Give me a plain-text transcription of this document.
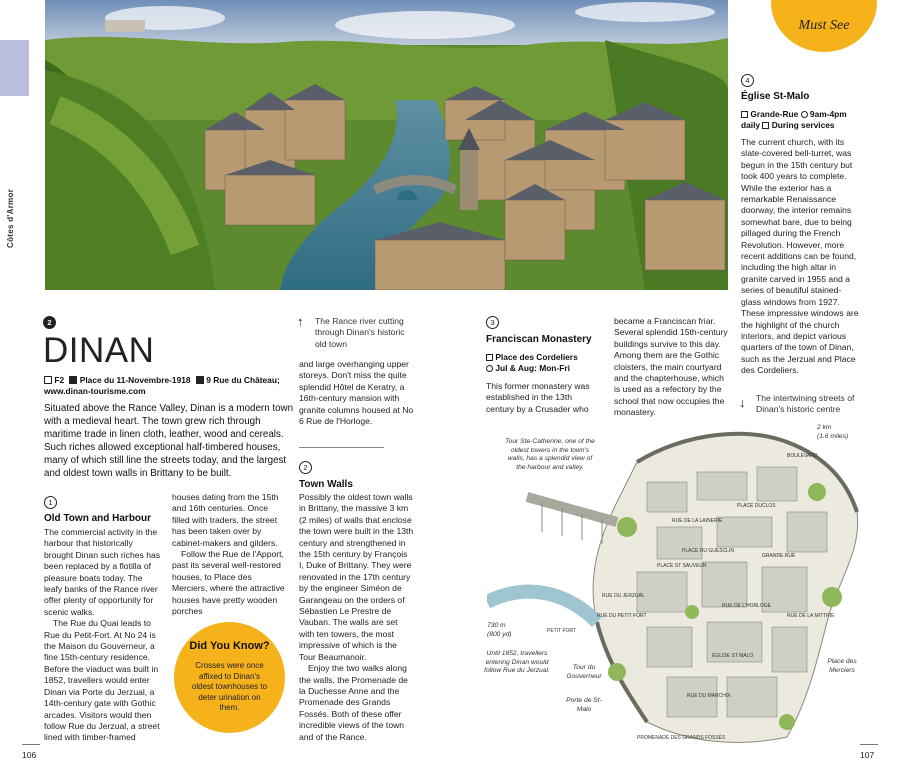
Côtes d'Armor
Must See
2
DINAN
F2 Place du 11-Novembre-1918 9 Rue du Château;
www.dinan-tourisme.com
Situated above the Rance Valley, Dinan is a modern town with a medieval heart. The town grew rich through maritime trade in linen cloth, leather, wood and cereals. Such riches allowed exceptional half-timbered houses, many of which still line the streets today, and the largest and oldest town walls in Brittany to be built.
1
Old Town and Harbour

The commercial activity in the harbour that historically brought Dinan such riches has been replaced by a flotilla of pleasure boats today. The leafy banks of the Rance river offer plenty of opportunity for scenic walks.

The Rue du Quai leads to Rue du Petit-Fort. At No 24 is the Maison du Gouverneur, a fine 15th-century residence. Before the viaduct was built in 1852, travellers would enter Dinan via Porte du Jerzual, a 14th-century gate with Gothic arcades. Visitors would then follow Rue du Jerzual, a street lined with timber-framed

houses dating from the 15th and 16th centuries. Once filled with traders, the street has been taken over by cabinet-makers and gilders.

Follow the Rue de l'Apport, past its several well-restored houses, to Place des Merciers, where the attractive houses have pretty wooden porches

Did You Know?
Crosses were once affixed to Dinan's oldest townhouses to deter urination on them.
↑ The Rance river cutting through Dinan's historic old town
and large overhanging upper storeys. Don't miss the quite splendid Hôtel de Keratry, a 16th-century mansion with granite columns housed at No 6 Rue de l'Horloge.
2
Town Walls

Possibly the oldest town walls in Brittany, the massive 3 km (2 miles) of walls that enclose the town were built in the 13th century and strengthened in the 15th century by François I, Duke of Brittany. They were renovated in the 17th century by the engineer Siméon de Garangeau on the orders of Sébastien Le Prestre de Vauban. The walls are set with ten towers, the most impressive of which is the Tour Beaumanoir.

Enjoy the two walks along the walls, the Promenade de la Duchesse Anne and the Promenade des Grands Fossés. Both of these offer incredible views of the town and of the Rance.

3
Franciscan Monastery
Place des Cordeliers
Jul & Aug: Mon-Fri
This former monastery was established in the 13th century by a Crusader who
became a Franciscan friar. Several splendid 15th-century buildings survive to this day. Among them are the Gothic cloisters, the main courtyard and the chapterhouse, which is used as a refectory by the school that now occupies the monastery.
4
Église St-Malo
Grande-Rue 9am-4pm daily During services
The current church, with its slate-covered bell-turret, was begun in the 15th century but took 400 years to complete. While the exterior has a remarkable Renaissance doorway, the interior remains somewhat bare, due to being pillaged during the French Revolution. However, more recent additions can be found, including the high altar in granite carved in 1955 and a series of beautiful stained-glass windows from 1927. These impressive windows are the highlight of the church interiors, and depict various quarters of the town of Dinan, such as the Jerzual and Place des Cordeliers.
↓ The intertwining streets of Dinan's historic centre
Tour Ste-Catherine, one of the oldest towers in the town's walls, has a splendid view of the harbour and valley.
730 m
(800 yd)
Until 1852, travellers entering Dinan would follow Rue du Jerzual.	Tour du Gouverneur
Porte de St-Malo
Place des Merciers
2 km
(1.6 miles)
PETIT FORT
RUE DU JERZUAL
PLACE DU GUESCLIN
RUE DE L'HORLOGE
PROMENADE DES GRANDS FOSSÉS
RUE DU PETIT FORT
PLACE DUCLOS
ÉGLISE ST MALO
GRANDE RUE
BOULEVARD
RUE DE LA LAINERIE
PLACE ST SAUVEUR
RUE DE LA MITTRIE
RUE DU MARCHIX
106	107
